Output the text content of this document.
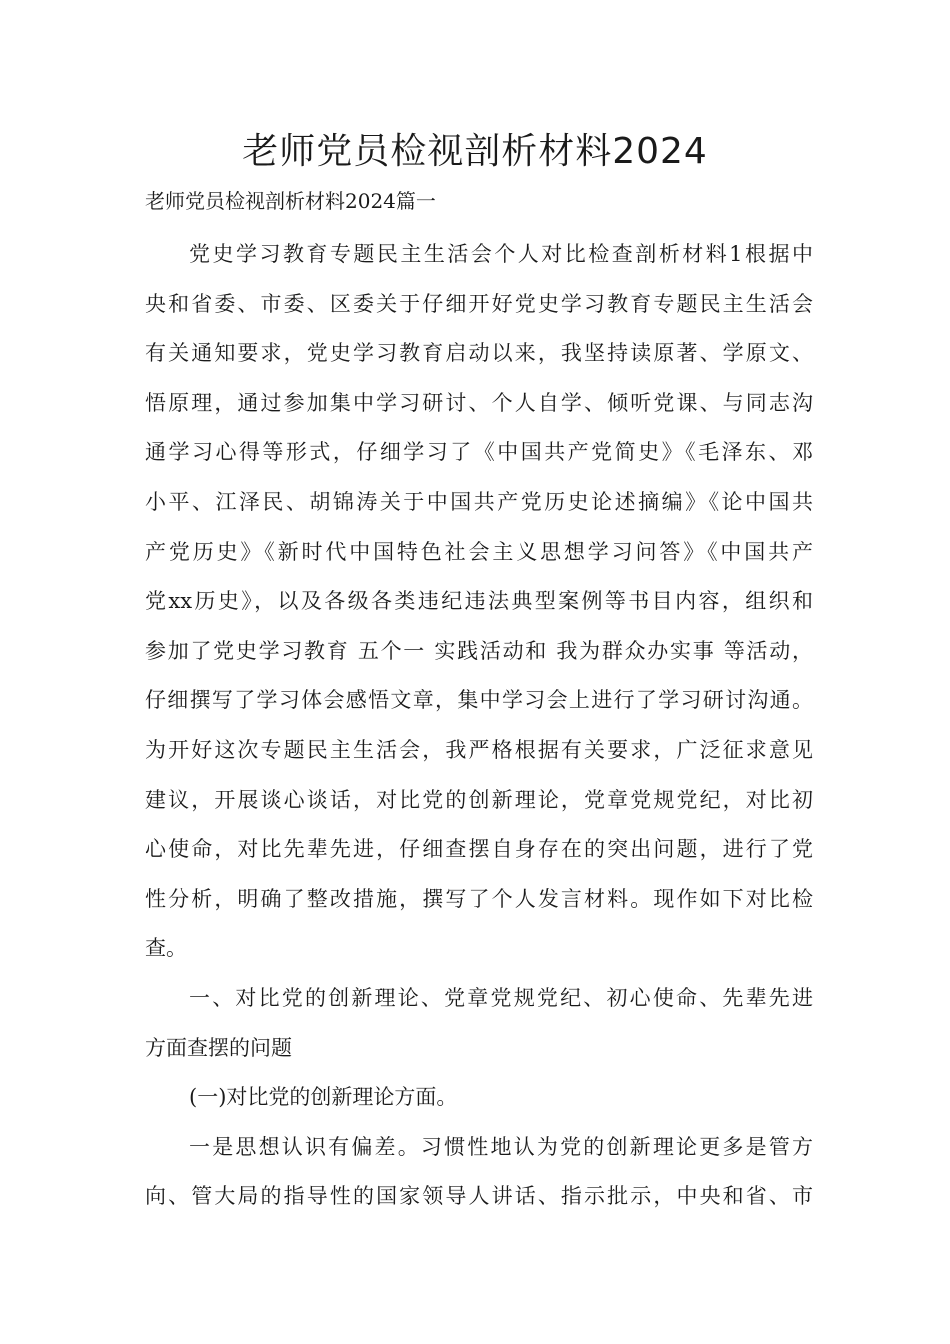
老师党员检视剖析材料2024

老师党员检视剖析材料2024篇一

党史学习教育专题民主生活会个人对比检查剖析材料1根据中
央和省委、市委、区委关于仔细开好党史学习教育专题民主生活会
有关通知要求，党史学习教育启动以来，我坚持读原著、学原文、
悟原理，通过参加集中学习研讨、个人自学、倾听党课、与同志沟
通学习心得等形式，仔细学习了《中国共产党简史》《毛泽东、邓
小平、江泽民、胡锦涛关于中国共产党历史论述摘编》《论中国共
产党历史》《新时代中国特色社会主义思想学习问答》《中国共产
党xx历史》，以及各级各类违纪违法典型案例等书目内容，组织和
参加了党史学习教育 五个一 实践活动和 我为群众办实事 等活动，
仔细撰写了学习体会感悟文章，集中学习会上进行了学习研讨沟通。
为开好这次专题民主生活会，我严格根据有关要求，广泛征求意见
建议，开展谈心谈话，对比党的创新理论，党章党规党纪，对比初
心使命，对比先辈先进，仔细查摆自身存在的突出问题，进行了党
性分析，明确了整改措施，撰写了个人发言材料。现作如下对比检
查。
一、对比党的创新理论、党章党规党纪、初心使命、先辈先进
方面查摆的问题
(一)对比党的创新理论方面。
一是思想认识有偏差。习惯性地认为党的创新理论更多是管方
向、管大局的指导性的国家领导人讲话、指示批示，中央和省、市
